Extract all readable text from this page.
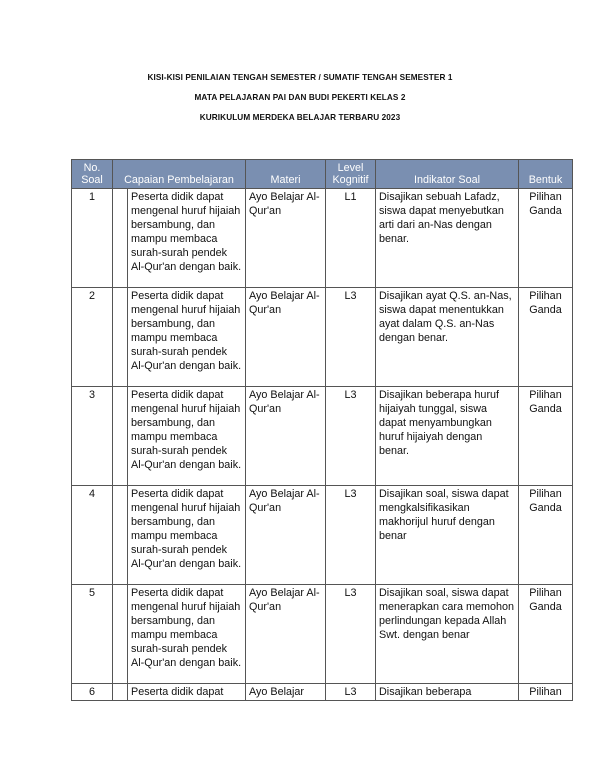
KISI-KISI PENILAIAN TENGAH SEMESTER / SUMATIF TENGAH SEMESTER 1
MATA PELAJARAN PAI DAN BUDI PEKERTI KELAS 2
KURIKULUM MERDEKA BELAJAR TERBARU 2023
No. Soal	Capaian Pembelajaran		Materi	Level Kognitif	Indikator Soal	Bentuk
1		Peserta didik dapat mengenal huruf hijaiah bersambung, dan mampu membaca surah-surah pendek Al-Qur'an dengan baik.	Ayo Belajar Al-Qur'an	L1	Disajikan sebuah Lafadz, siswa dapat menyebutkan arti dari an-Nas dengan benar.	Pilihan Ganda
2		Peserta didik dapat mengenal huruf hijaiah bersambung, dan mampu membaca surah-surah pendek Al-Qur'an dengan baik.	Ayo Belajar Al-Qur'an	L3	Disajikan ayat Q.S. an-Nas, siswa dapat menentukkan ayat dalam Q.S. an-Nas dengan benar.	Pilihan Ganda
3		Peserta didik dapat mengenal huruf hijaiah bersambung, dan mampu membaca surah-surah pendek Al-Qur'an dengan baik.	Ayo Belajar Al-Qur'an	L3	Disajikan beberapa huruf hijaiyah tunggal, siswa dapat menyambungkan huruf hijaiyah dengan benar.	Pilihan Ganda
4		Peserta didik dapat mengenal huruf hijaiah bersambung, dan mampu membaca surah-surah pendek Al-Qur'an dengan baik.	Ayo Belajar Al-Qur'an	L3	Disajikan soal, siswa dapat mengkalsifikasikan makhorijul huruf dengan benar	Pilihan Ganda
5		Peserta didik dapat mengenal huruf hijaiah bersambung, dan mampu membaca surah-surah pendek Al-Qur'an dengan baik.	Ayo Belajar Al-Qur'an	L3	Disajikan soal, siswa dapat menerapkan cara memohon perlindungan kepada Allah Swt. dengan benar	Pilihan Ganda
6		Peserta didik dapat	Ayo Belajar	L3	Disajikan beberapa	Pilihan
